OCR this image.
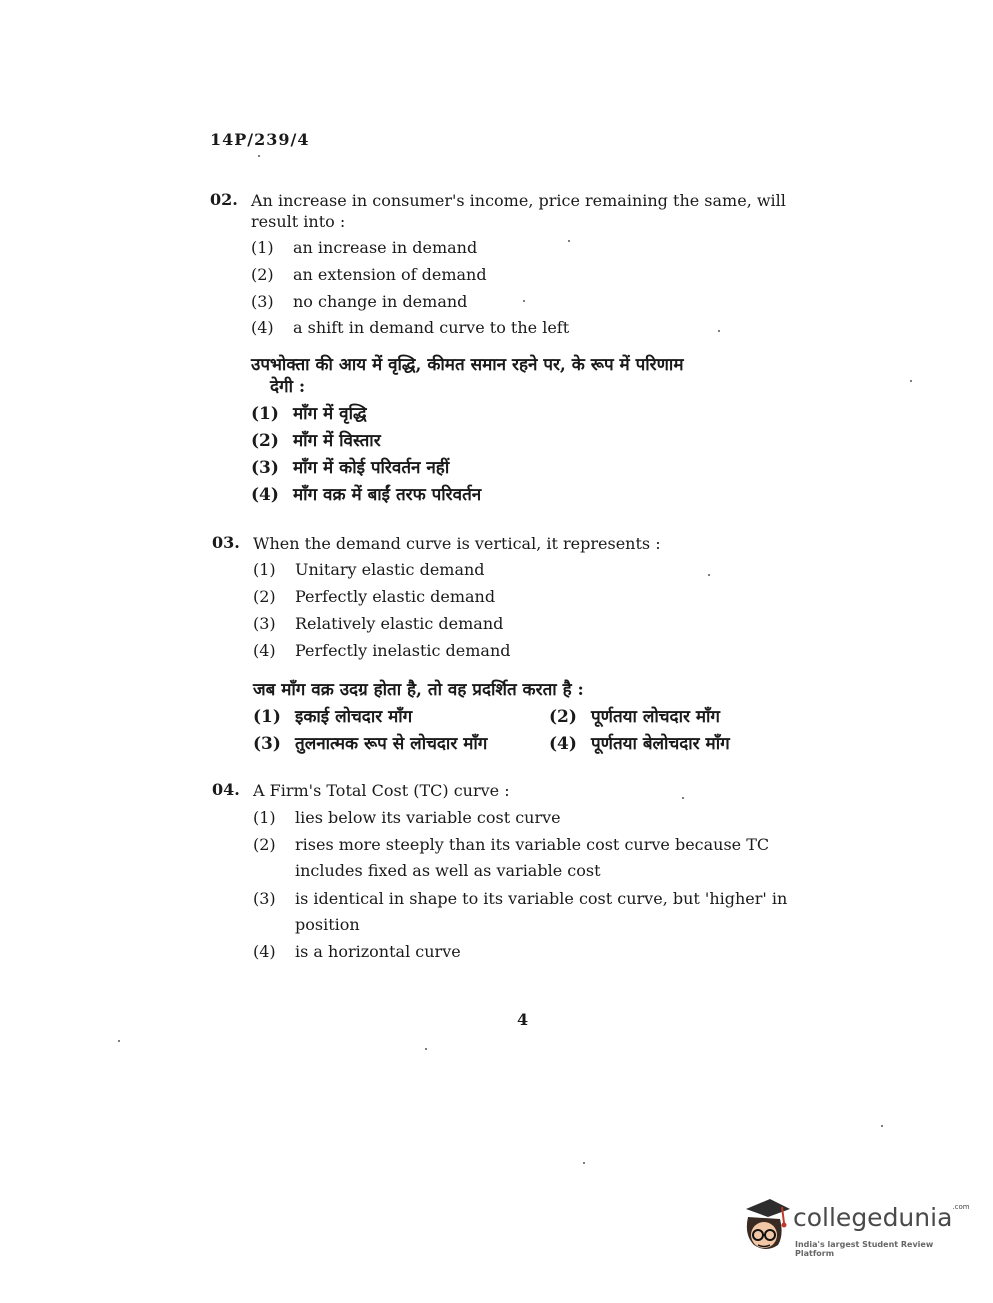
14P/239/4
02. An increase in consumer's income, price remaining the same, will
result into :
(1) an increase in demand
(2) an extension of demand
(3) no change in demand
(4) a shift in demand curve to the left
उपभोक्ता की आय में वृद्धि, कीमत समान रहने पर, के रूप में परिणाम
देगी :
(1) माँग में वृद्धि
(2) माँग में विस्तार
(3) माँग में कोई परिवर्तन नहीं
(4) माँग वक्र में बाईं तरफ परिवर्तन
03. When the demand curve is vertical, it represents :
(1) Unitary elastic demand
(2) Perfectly elastic demand
(3) Relatively elastic demand
(4) Perfectly inelastic demand
जब माँग वक्र उदग्र होता है, तो वह प्रदर्शित करता है :
(1) इकाई लोचदार माँग	(2) पूर्णतया लोचदार माँग
(3) तुलनात्मक रूप से लोचदार माँग	(4) पूर्णतया बेलोचदार माँग
04. A Firm's Total Cost (TC) curve :
(1) lies below its variable cost curve
(2) rises more steeply than its variable cost curve because TC
includes fixed as well as variable cost
(3) is identical in shape to its variable cost curve, but 'higher' in
position
(4) is a horizontal curve
4
collegedunia$^{.com}$
India's largest Student Review Platform
